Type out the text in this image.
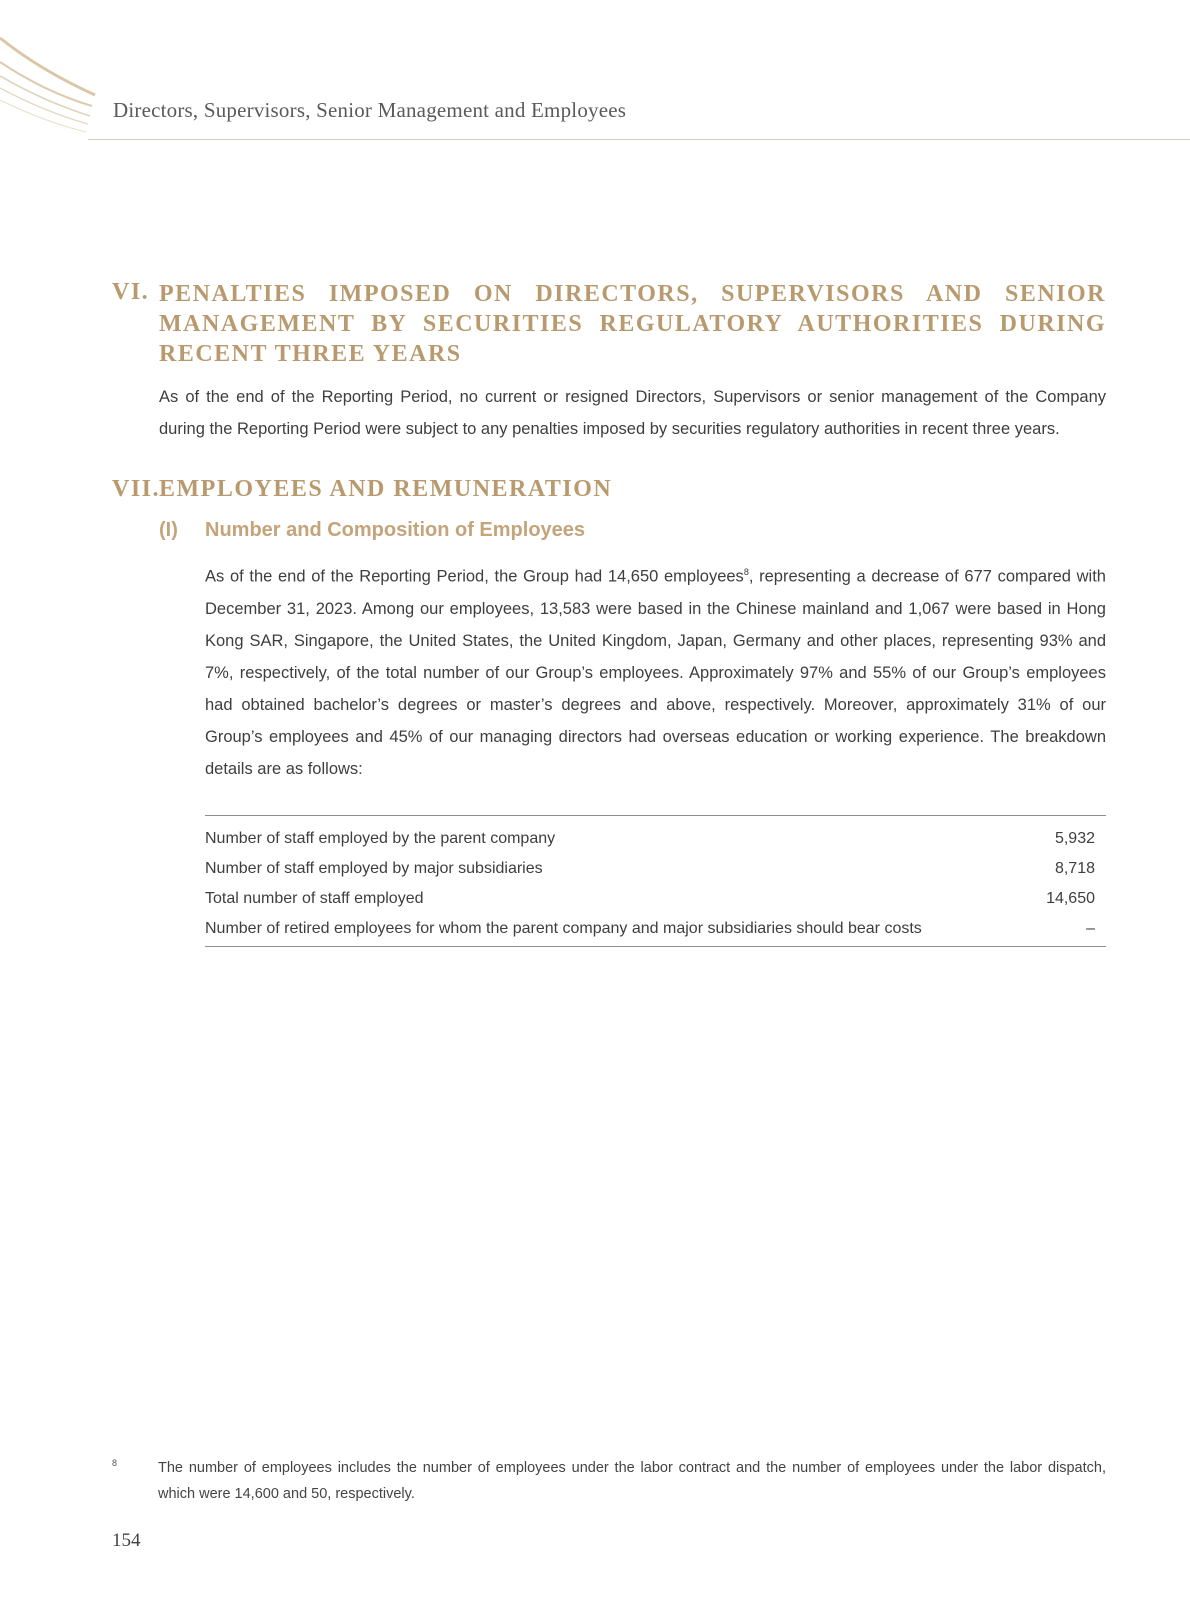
Directors, Supervisors, Senior Management and Employees
VI. PENALTIES IMPOSED ON DIRECTORS, SUPERVISORS AND SENIOR
MANAGEMENT BY SECURITIES REGULATORY AUTHORITIES DURING
RECENT THREE YEARS

As of the end of the Reporting Period, no current or resigned Directors, Supervisors or senior management of the Company during the Reporting Period were subject to any penalties imposed by securities regulatory authorities in recent three years.

VII.
EMPLOYEES AND REMUNERATION
(I)	Number and Composition of Employees

As of the end of the Reporting Period, the Group had 14,650 employees$^8$, representing a decrease of 677 compared with December 31, 2023. Among our employees, 13,583 were based in the Chinese mainland and 1,067 were based in Hong Kong SAR, Singapore, the United States, the United Kingdom, Japan, Germany and other places, representing 93% and 7%, respectively, of the total number of our Group’s employees. Approximately 97% and 55% of our Group’s employees had obtained bachelor’s degrees or master’s degrees and above, respectively. Moreover, approximately 31% of our Group’s employees and 45% of our managing directors had overseas education or working experience. The breakdown details are as follows:

Number of staff employed by the parent company	5,932
Number of staff employed by major subsidiaries	8,718
Total number of staff employed	14,650
Number of retired employees for whom the parent company and major subsidiaries should bear costs	–
8	The number of employees includes the number of employees under the labor contract and the number of employees under the labor dispatch, which were 14,600 and 50, respectively.

154
